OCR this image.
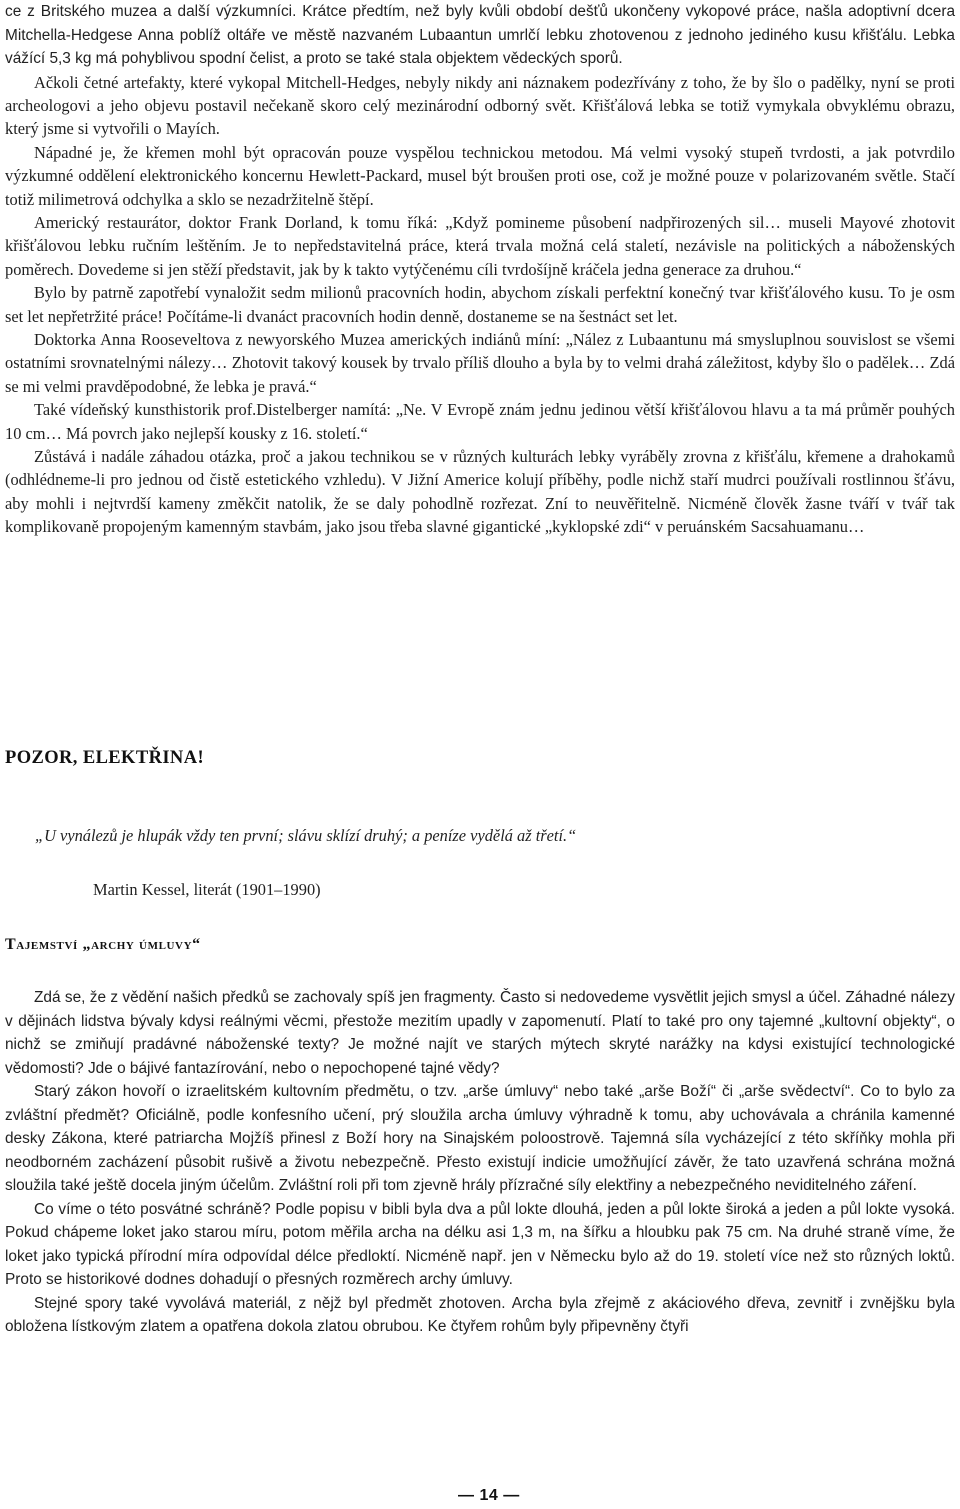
ce z Britského muzea a další výzkumníci. Krátce předtím, než byly kvůli období dešťů ukončeny vykopové práce, našla adoptivní dcera Mitchella-Hedgese Anna poblíž oltáře ve městě nazvaném Lubaantun umrlčí lebku zhotovenou z jednoho jediného kusu křišťálu. Lebka vážící 5,3 kg má pohyblivou spodní čelist, a proto se také stala objektem vědeckých sporů.

Ačkoli četné artefakty, které vykopal Mitchell-Hedges, nebyly nikdy ani náznakem podezřívány z toho, že by šlo o padělky, nyní se proti archeologovi a jeho objevu postavil nečekaně skoro celý mezinárodní odborný svět. Křišťálová lebka se totiž vymykala obvyklému obrazu, který jsme si vytvořili o Mayích.

Nápadné je, že křemen mohl být opracován pouze vyspělou technickou metodou. Má velmi vysoký stupeň tvrdosti, a jak potvrdilo výzkumné oddělení elektronického koncernu Hewlett-Packard, musel být broušen proti ose, což je možné pouze v polarizovaném světle. Stačí totiž milimetrová odchylka a sklo se nezadržitelně štěpí.

Americký restaurátor, doktor Frank Dorland, k tomu říká: „Když pomineme působení nadpřirozených sil… museli Mayové zhotovit křišťálovou lebku ručním leštěním. Je to nepředstavitelná práce, která trvala možná celá staletí, nezávisle na politických a náboženských poměrech. Dovedeme si jen stěží představit, jak by k takto vytýčenému cíli tvrdošíjně kráčela jedna generace za druhou.“

Bylo by patrně zapotřebí vynaložit sedm milionů pracovních hodin, abychom získali perfektní konečný tvar křišťálového kusu. To je osm set let nepřetržité práce! Počítáme-li dvanáct pracovních hodin denně, dostaneme se na šestnáct set let.

Doktorka Anna Rooseveltova z newyorského Muzea amerických indiánů míní: „Nález z Lubaantunu má smysluplnou souvislost se všemi ostatními srovnatelnými nálezy… Zhotovit takový kousek by trvalo příliš dlouho a byla by to velmi drahá záležitost, kdyby šlo o padělek… Zdá se mi velmi pravděpodobné, že lebka je pravá.“

Také vídeňský kunsthistorik prof.Distelberger namítá: „Ne. V Evropě znám jednu jedinou větší křišťálovou hlavu a ta má průměr pouhých 10 cm… Má povrch jako nejlepší kousky z 16. století.“

Zůstává i nadále záhadou otázka, proč a jakou technikou se v různých kulturách lebky vyráběly zrovna z křišťálu, křemene a drahokamů (odhlédneme-li pro jednou od čistě estetického vzhledu). V Jižní Americe kolují příběhy, podle nichž staří mudrci používali rostlinnou šťávu, aby mohli i nejtvrdší kameny změkčit natolik, že se daly pohodlně rozřezat. Zní to neuvěřitelně. Nicméně člověk žasne tváří v tvář tak komplikovaně propojeným kamenným stavbám, jako jsou třeba slavné gigantické „kyklopské zdi“ v peruánském Sacsahuamanu…

POZOR, ELEKTŘINA!

„U vynálezů je hlupák vždy ten první; slávu sklízí druhý; a peníze vydělá až třetí.“

Martin Kessel, literát (1901–1990)

Tajemství „archy úmluvy“

Zdá se, že z vědění našich předků se zachovaly spíš jen fragmenty. Často si nedovedeme vysvětlit jejich smysl a účel. Záhadné nálezy v dějinách lidstva bývaly kdysi reálnými věcmi, přestože mezitím upadly v zapomenutí. Platí to také pro ony tajemné „kultovní objekty“, o nichž se zmiňují pradávné náboženské texty? Je možné najít ve starých mýtech skryté narážky na kdysi existující technologické vědomosti? Jde o bájivé fantazírování, nebo o nepochopené tajné vědy?

Starý zákon hovoří o izraelitském kultovním předmětu, o tzv. „arše úmluvy“ nebo také „arše Boží“ či „arše svědectví“. Co to bylo za zvláštní předmět? Oficiálně, podle konfesního učení, prý sloužila archa úmluvy výhradně k tomu, aby uchovávala a chránila kamenné desky Zákona, které patriarcha Mojžíš přinesl z Boží hory na Sinajském poloostrově. Tajemná síla vycházející z této skříňky mohla při neodborném zacházení působit rušivě a životu nebezpečně. Přesto existují indicie umožňující závěr, že tato uzavřená schrána možná sloužila také ještě docela jiným účelům. Zvláštní roli při tom zjevně hrály přízračné síly elektřiny a nebezpečného neviditelného záření.

Co víme o této posvátné schráně? Podle popisu v bibli byla dva a půl lokte dlouhá, jeden a půl lokte široká a jeden a půl lokte vysoká. Pokud chápeme loket jako starou míru, potom měřila archa na délku asi 1,3 m, na šířku a hloubku pak 75 cm. Na druhé straně víme, že loket jako typická přírodní míra odpovídal délce předloktí. Nicméně např. jen v Německu bylo až do 19. století více než sto různých loktů. Proto se historikové dodnes dohadují o přesných rozměrech archy úmluvy.

Stejné spory také vyvolává materiál, z nějž byl předmět zhotoven. Archa byla zřejmě z akáciového dřeva, zevnitř i zvnějšku byla obložena lístkovým zlatem a opatřena dokola zlatou obrubou. Ke čtyřem rohům byly připevněny čtyři

— 14 —
